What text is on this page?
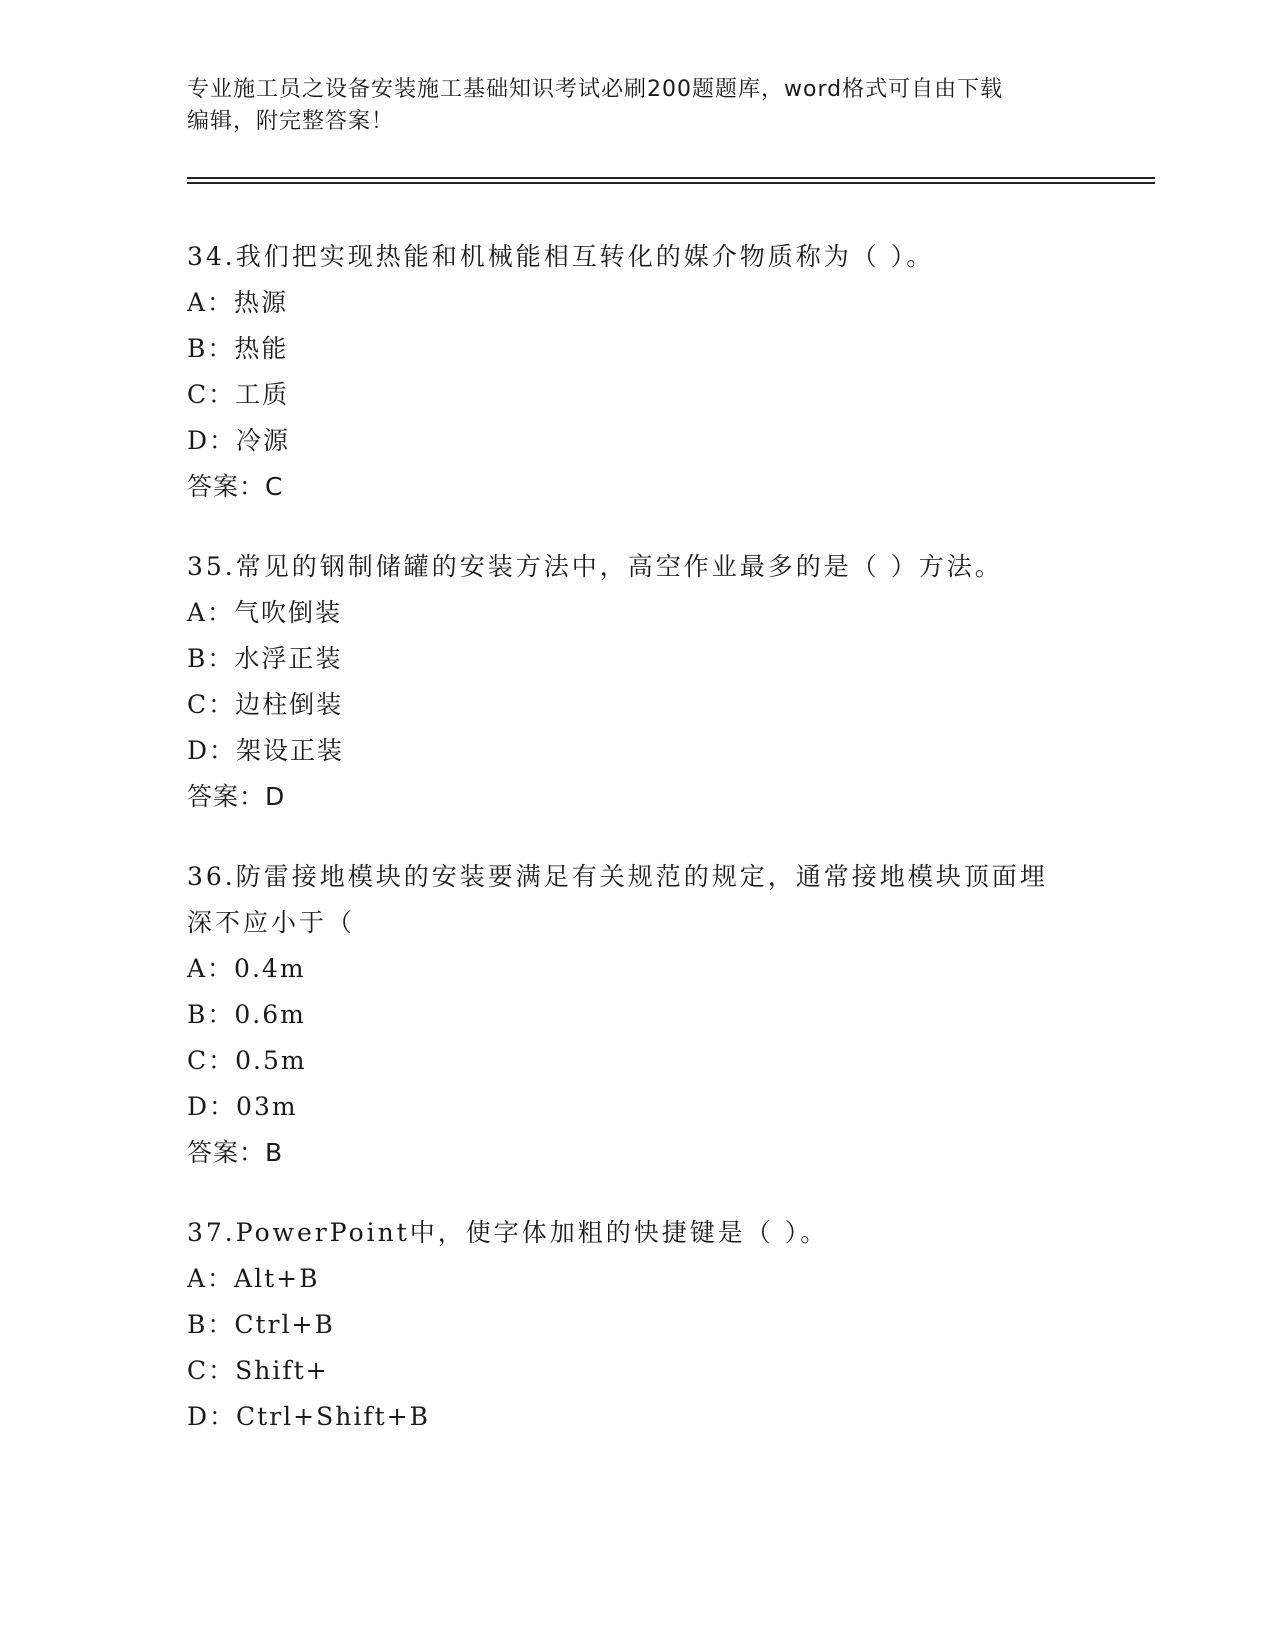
专业施工员之设备安装施工基础知识考试必刷200题题库，word格式可自由下载
编辑，附完整答案！

34.我们把实现热能和机械能相互转化的媒介物质称为（ ）。

A：热源

B：热能

C：工质

D：冷源

答案：C

35.常见的钢制储罐的安装方法中，高空作业最多的是（ ）方法。

A：气吹倒装

B：水浮正装

C：边柱倒装

D：架设正装

答案：D

36.防雷接地模块的安装要满足有关规范的规定，通常接地模块顶面埋

深不应小于（

A：0.4m

B：0.6m

C：0.5m

D：03m

答案：B

37.PowerPoint中，使字体加粗的快捷键是（ ）。

A：Alt+B

B：Ctrl+B

C：Shift+

D：Ctrl+Shift+B
